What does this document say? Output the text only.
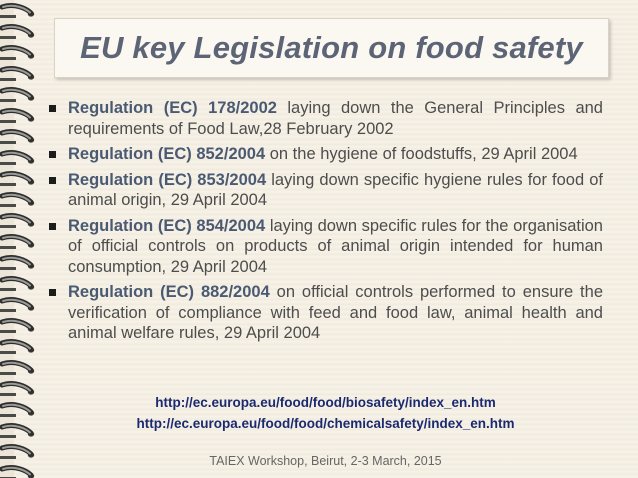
EU key Legislation on food safety
Regulation (EC) 178/2002 laying down the General Principles and requirements of Food Law,28 February 2002
Regulation (EC) 852/2004 on the hygiene of foodstuffs, 29 April 2004
Regulation (EC) 853/2004 laying down specific hygiene rules for food of animal origin, 29 April 2004
Regulation (EC) 854/2004 laying down specific rules for the organisation of official controls on products of animal origin intended for human consumption, 29 April 2004
Regulation (EC) 882/2004 on official controls performed to ensure the verification of compliance with feed and food law, animal health and animal welfare rules, 29 April 2004
http://ec.europa.eu/food/food/biosafety/index_en.htm
http://ec.europa.eu/food/food/chemicalsafety/index_en.htm
TAIEX Workshop, Beirut, 2-3 March, 2015
